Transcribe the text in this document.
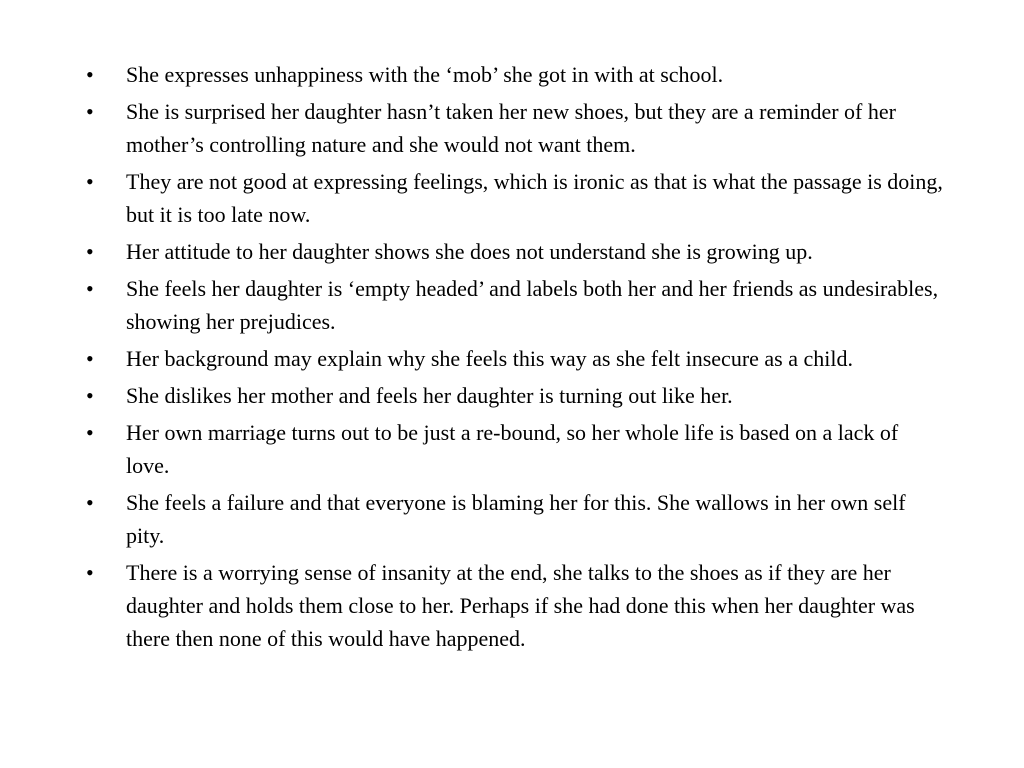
•	She expresses unhappiness with the ‘mob’ she got in with at school.
•	She is surprised her daughter hasn’t taken her new shoes, but they are a reminder of her mother’s controlling nature and she would not want them.
•	They are not good at expressing feelings, which is ironic as that is what the passage is doing, but it is too late now.
•	Her attitude to her daughter shows she does not understand she is growing up.
•	She feels her daughter is ‘empty headed’ and labels both her and her friends as undesirables, showing her prejudices.
•	Her background may explain why she feels this way as she felt insecure as a child.
•	She dislikes her mother and feels her daughter is turning out like her.
•	Her own marriage turns out to be just a re-bound, so her whole life is based on a lack of love.
•	She feels a failure and that everyone is blaming her for this. She wallows in her own self pity.
•	There is a worrying sense of insanity at the end, she talks to the shoes as if they are her daughter and holds them close to her. Perhaps if she had done this when her daughter was there then none of this would have happened.
